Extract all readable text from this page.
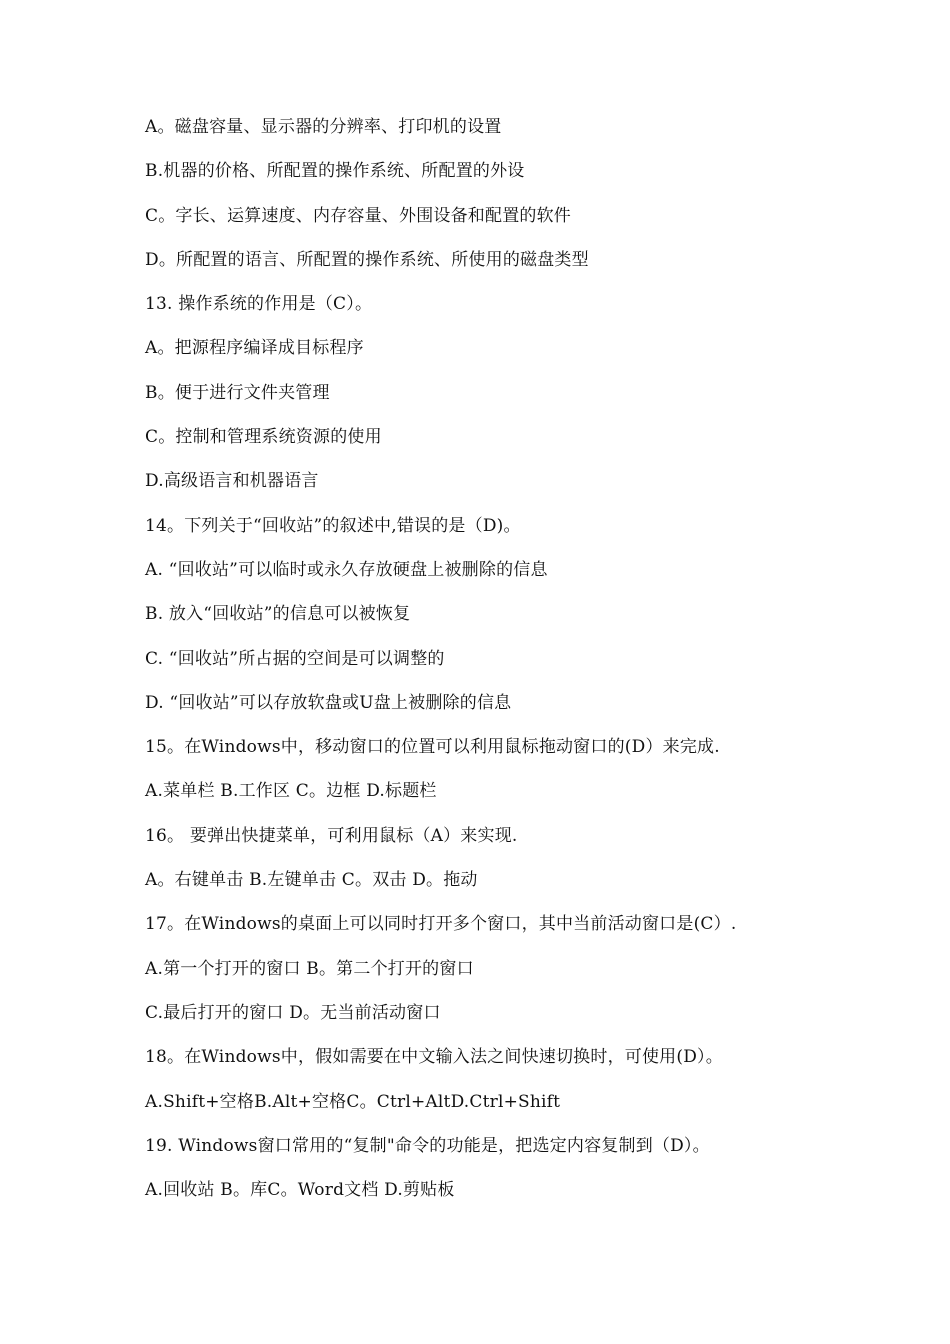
A。磁盘容量、显示器的分辨率、打印机的设置
B.机器的价格、所配置的操作系统、所配置的外设
C。字长、运算速度、内存容量、外围设备和配置的软件
D。所配置的语言、所配置的操作系统、所使用的磁盘类型
13. 操作系统的作用是（C）。
A。把源程序编译成目标程序
B。便于进行文件夹管理
C。控制和管理系统资源的使用
D.高级语言和机器语言
14。下列关于“回收站”的叙述中,错误的是（D)。
A. “回收站”可以临时或永久存放硬盘上被删除的信息
B. 放入“回收站”的信息可以被恢复
C. “回收站”所占据的空间是可以调整的
D. “回收站”可以存放软盘或U盘上被删除的信息
15。在Windows中，移动窗口的位置可以利用鼠标拖动窗口的(D）来完成.
A.菜单栏 B.工作区 C。边框 D.标题栏
16。 要弹出快捷菜单，可利用鼠标（A）来实现.
A。右键单击 B.左键单击 C。双击 D。拖动
17。在Windows的桌面上可以同时打开多个窗口，其中当前活动窗口是(C）.
A.第一个打开的窗口 B。第二个打开的窗口
C.最后打开的窗口 D。无当前活动窗口
18。在Windows中，假如需要在中文输入法之间快速切换时，可使用(D）。
A.Shift+空格B.Alt+空格C。Ctrl+AltD.Ctrl+Shift
19. Windows窗口常用的“复制"命令的功能是，把选定内容复制到（D）。
A.回收站 B。库C。Word文档 D.剪贴板
